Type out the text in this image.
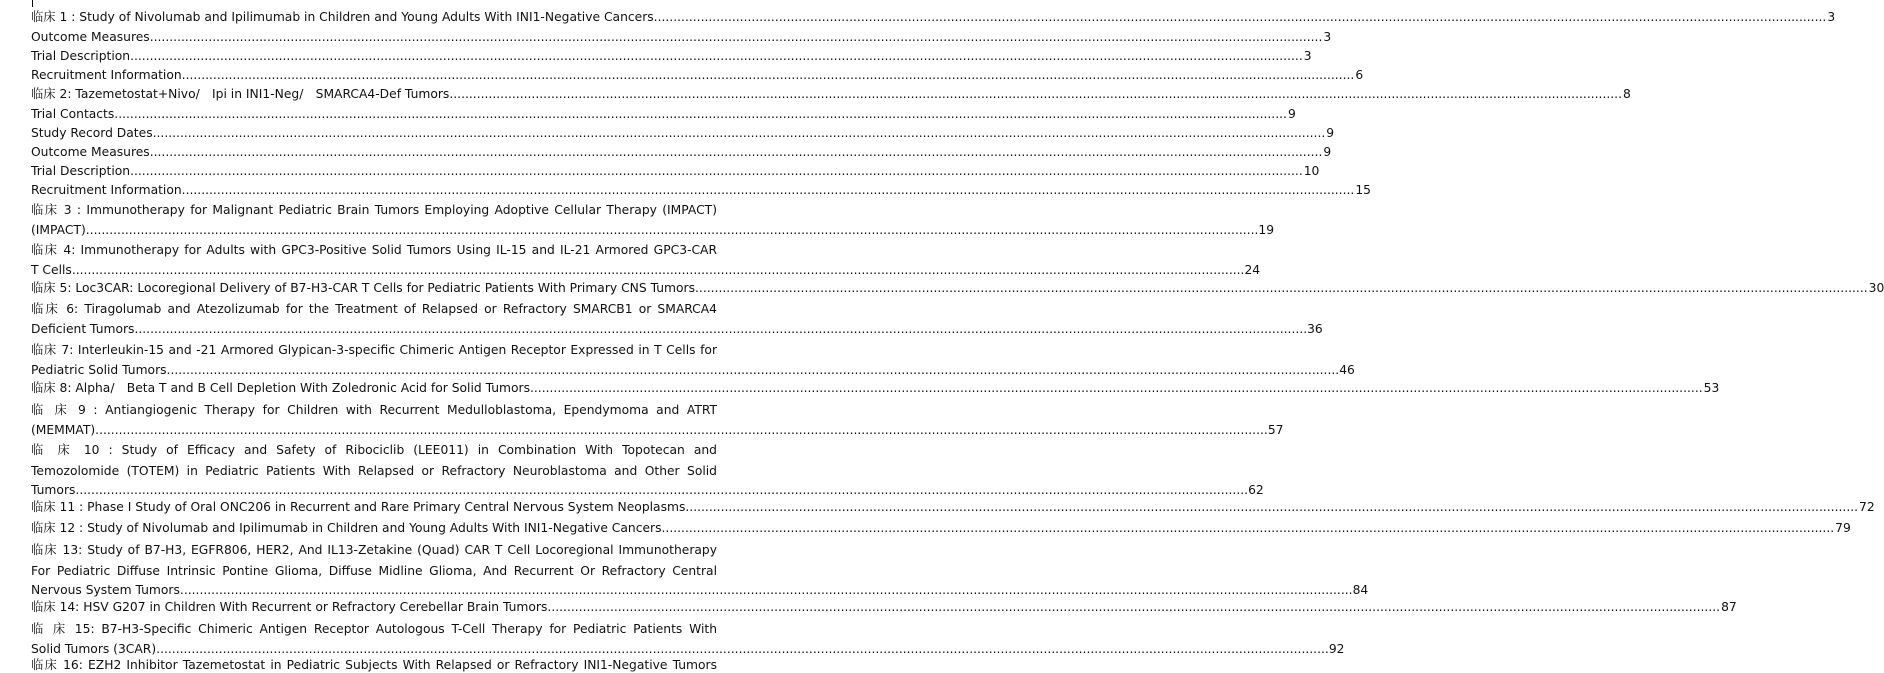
临床 1 : Study of Nivolumab and Ipilimumab in Children and Young Adults With INI1-Negative Cancers .....	3
Outcome Measures .....	3
Trial Description .....	3
Recruitment Information .....	6
临床 2: Tazemetostat+Nivo/　Ipi in INI1-Neg/　SMARCA4-Def Tumors .....	8
Trial Contacts .....	9
Study Record Dates .....	9
Outcome Measures .....	9
Trial Description .....	10
Recruitment Information .....	15
临床 3 : Immunotherapy for Malignant Pediatric Brain Tumors Employing Adoptive Cellular Therapy (IMPACT)
(IMPACT) .....	19
临床 4: Immunotherapy for Adults with GPC3-Positive Solid Tumors Using IL-15 and IL-21 Armored GPC3-CAR
T Cells .....	24
临床 5: Loc3CAR: Locoregional Delivery of B7-H3-CAR T Cells for Pediatric Patients With Primary CNS Tumors .....	30
临床 6: Tiragolumab and Atezolizumab for the Treatment of Relapsed or Refractory SMARCB1 or SMARCA4
Deficient Tumors .....	36
临床 7: Interleukin-15 and -21 Armored Glypican-3-specific Chimeric Antigen Receptor Expressed in T Cells for
Pediatric Solid Tumors .....	46
临床 8: Alpha/　Beta T and B Cell Depletion With Zoledronic Acid for Solid Tumors .....	53
临 床 9 : Antiangiogenic Therapy for Children with Recurrent Medulloblastoma, Ependymoma and ATRT
(MEMMAT) .....	57
临 床 10 : Study of Efficacy and Safety of Ribociclib (LEE011) in Combination With Topotecan and
Temozolomide (TOTEM) in Pediatric Patients With Relapsed or Refractory Neuroblastoma and Other Solid
Tumors .....	62
临床 11 : Phase I Study of Oral ONC206 in Recurrent and Rare Primary Central Nervous System Neoplasms .....	72
临床 12 : Study of Nivolumab and Ipilimumab in Children and Young Adults With INI1-Negative Cancers .....	79
临床 13: Study of B7-H3, EGFR806, HER2, And IL13-Zetakine (Quad) CAR T Cell Locoregional Immunotherapy
For Pediatric Diffuse Intrinsic Pontine Glioma, Diffuse Midline Glioma, And Recurrent Or Refractory Central
Nervous System Tumors .....	84
临床 14: HSV G207 in Children With Recurrent or Refractory Cerebellar Brain Tumors .....	87
临 床 15: B7-H3-Specific Chimeric Antigen Receptor Autologous T-Cell Therapy for Pediatric Patients With
Solid Tumors (3CAR) .....	92
临床 16: EZH2 Inhibitor Tazemetostat in Pediatric Subjects With Relapsed or Refractory INI1-Negative Tumors
